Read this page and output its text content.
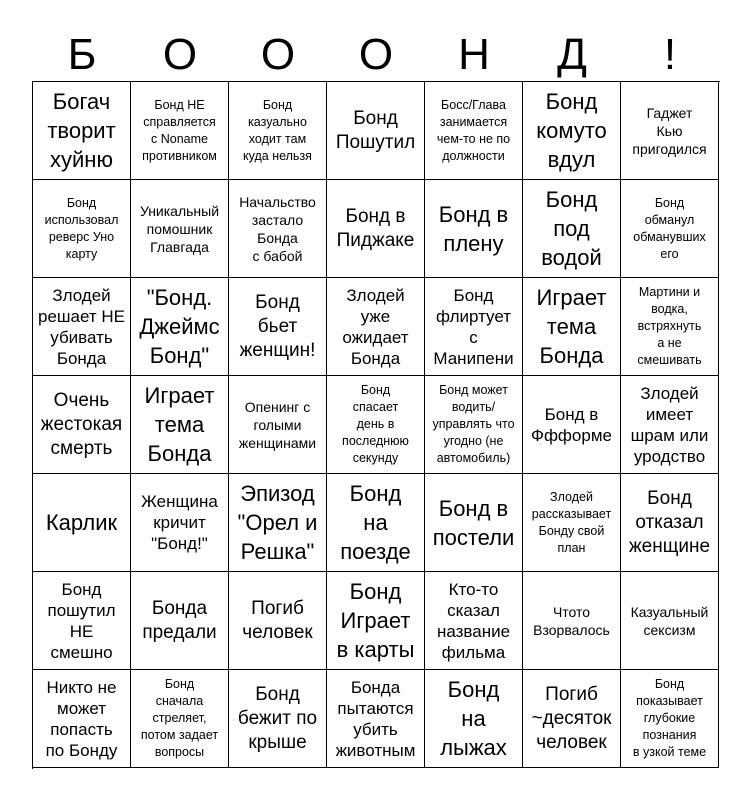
Б	О	О	О	Н	Д	!
Богач
творит
хуйню
Бонд НЕ
справляется
с Noname
противником
Бонд
казуально
ходит там
куда нельзя
Бонд
Пошутил
Босс/Глава
занимается
чем-то не по
должности
Бонд
комуто
вдул
Гаджет
Кью
пригодился
Бонд
использовал
реверс Уно
карту
Уникальный
помошник
Главгада
Начальство
застало
Бонда
с бабой
Бонд в
Пиджаке
Бонд в
плену
Бонд
под
водой
Бонд
обманул
обманувших
его
Злодей
решает НЕ
убивать
Бонда
"Бонд.
Джеймс
Бонд"
Бонд
бьет
женщин!
Злодей
уже
ожидает
Бонда
Бонд
флиртует
с
Манипени
Играет
тема
Бонда
Мартини и
водка,
встряхнуть
а не
смешивать
Очень
жестокая
смерть
Играет
тема
Бонда
Опенинг с
голыми
женщинами
Бонд
спасает
день в
последнюю
секунду
Бонд может
водить/
управлять что
угодно (не
автомобиль)
Бонд в
Ффформе
Злодей
имеет
шрам или
уродство
Карлик
Женщина
кричит
"Бонд!"
Эпизод
"Орел и
Решка"
Бонд
на
поезде
Бонд в
постели
Злодей
рассказывает
Бонду свой
план
Бонд
отказал
женщине
Бонд
пошутил
НЕ
смешно
Бонда
предали
Погиб
человек
Бонд
Играет
в карты
Кто-то
сказал
название
фильма
Чтото
Взорвалось
Казуальный
сексизм
Никто не
может
попасть
по Бонду
Бонд
сначала
стреляет,
потом задает
вопросы
Бонд
бежит по
крыше
Бонда
пытаются
убить
животным
Бонд
на
лыжах
Погиб
~десяток
человек
Бонд
показывает
глубокие
познания
в узкой теме
